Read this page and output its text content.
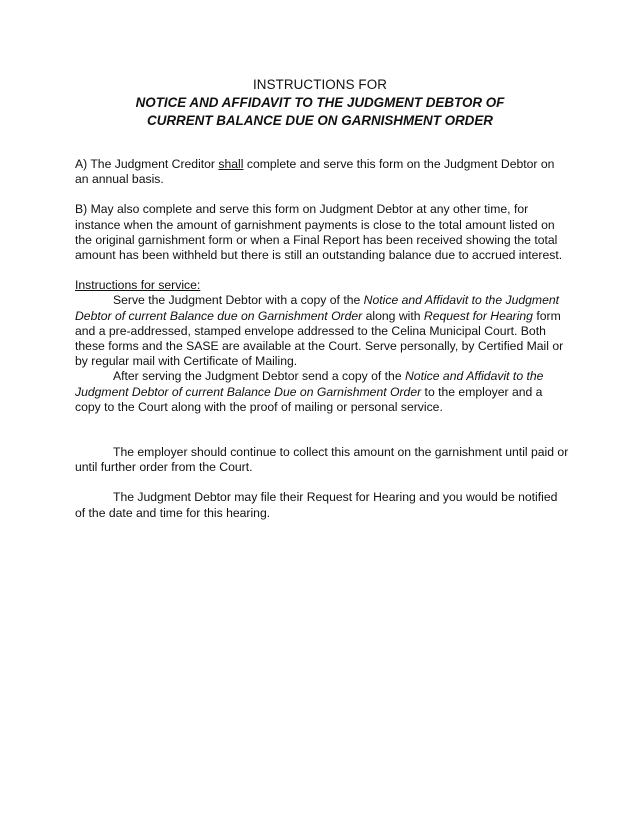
INSTRUCTIONS FOR
NOTICE AND AFFIDAVIT TO THE JUDGMENT DEBTOR OF
CURRENT BALANCE DUE ON GARNISHMENT ORDER

A) The Judgment Creditor shall complete and serve this form on the Judgment Debtor on an annual basis.

B) May also complete and serve this form on Judgment Debtor at any other time, for instance when the amount of garnishment payments is close to the total amount listed on the original garnishment form or when a Final Report has been received showing the total amount has been withheld but there is still an outstanding balance due to accrued interest.

Instructions for service:

Serve the Judgment Debtor with a copy of the Notice and Affidavit to the Judgment Debtor of current Balance due on Garnishment Order along with Request for Hearing form and a pre-addressed, stamped envelope addressed to the Celina Municipal Court. Both these forms and the SASE are available at the Court. Serve personally, by Certified Mail or by regular mail with Certificate of Mailing.

After serving the Judgment Debtor send a copy of the Notice and Affidavit to the Judgment Debtor of current Balance Due on Garnishment Order to the employer and a copy to the Court along with the proof of mailing or personal service.

The employer should continue to collect this amount on the garnishment until paid or until further order from the Court.

The Judgment Debtor may file their Request for Hearing and you would be notified of the date and time for this hearing.
